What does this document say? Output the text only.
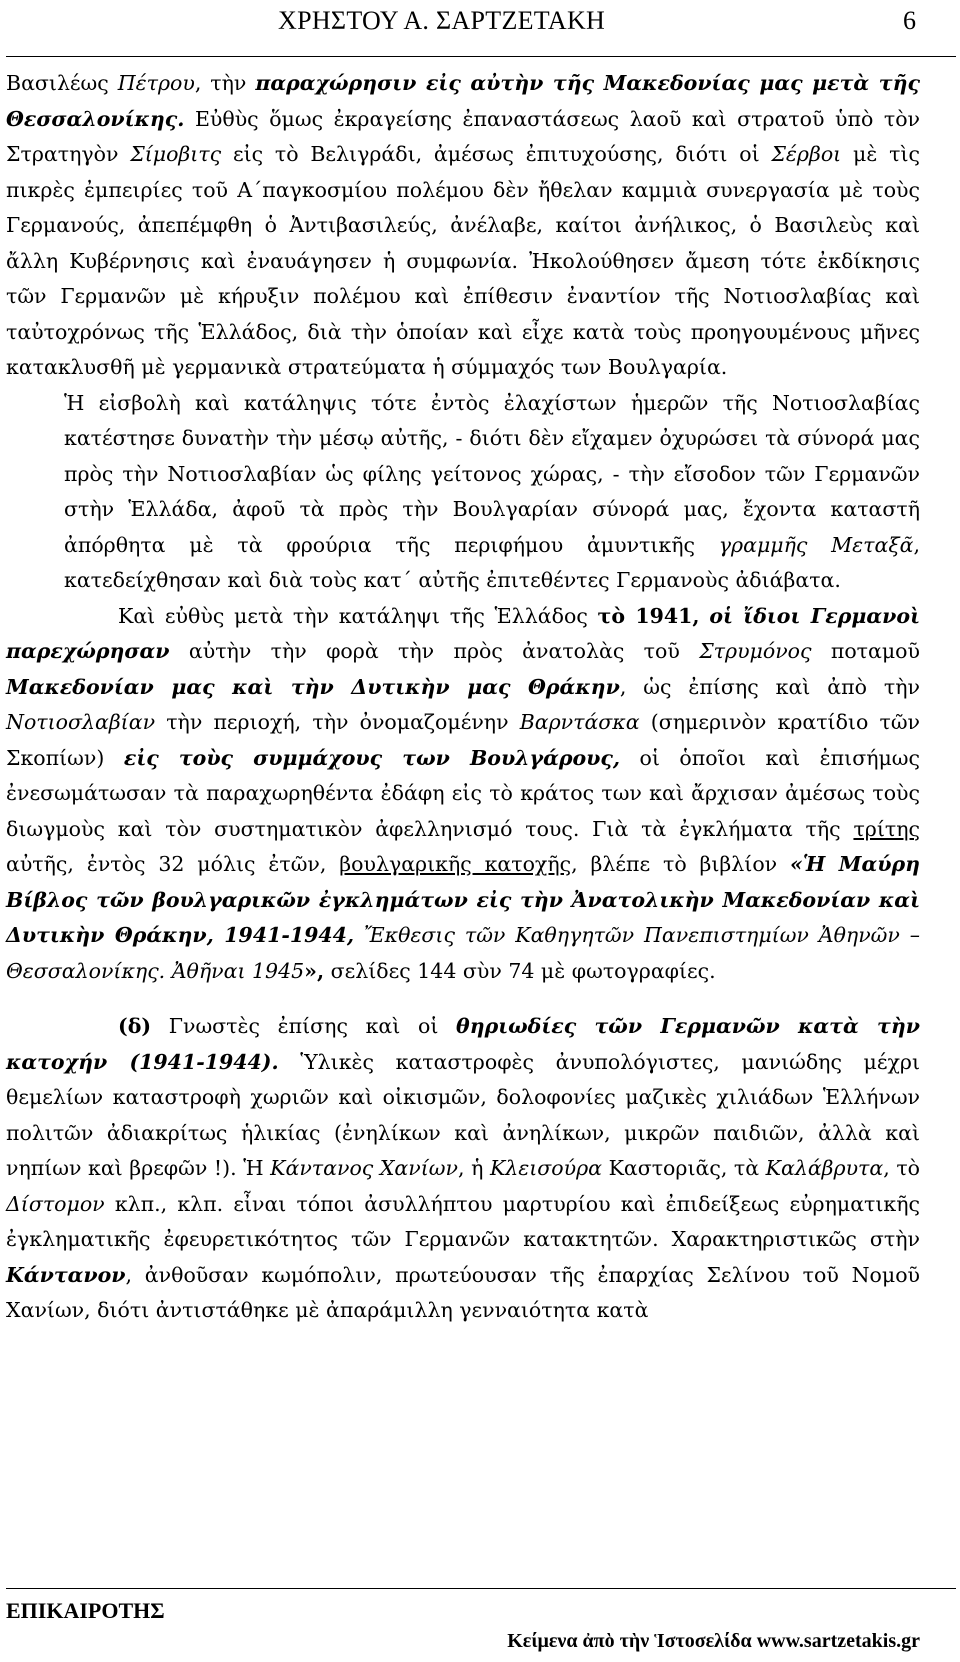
ΧΡΗΣΤΟΥ Α. ΣΑΡΤΖΕΤΑΚΗ	6

Βασιλέως Πέτρου, τὴν παραχώρησιν εἰς αὐτὴν τῆς Μακεδονίας μας μετὰ τῆς Θεσσαλονίκης. Εὐθὺς ὅμως ἐκραγείσης ἐπαναστάσεως λαοῦ καὶ στρατοῦ ὑπὸ τὸν Στρατηγὸν Σίμοβιτς εἰς τὸ Βελιγράδι, ἀμέσως ἐπιτυχούσης, διότι οἱ Σέρβοι μὲ τὶς πικρὲς ἐμπειρίες τοῦ Α΄παγκοσμίου πολέμου δὲν ἤθελαν καμμιὰ συνεργασία μὲ τοὺς Γερμανούς, ἀπεπέμφθη ὁ Ἀντιβασιλεύς, ἀνέλαβε, καίτοι ἀνήλικος, ὁ Βασιλεὺς καὶ ἄλλη Κυβέρνησις καὶ ἐναυάγησεν ἡ συμφωνία. Ἠκολούθησεν ἄμεση τότε ἐκδίκησις τῶν Γερμανῶν μὲ κήρυξιν πολέμου καὶ ἐπίθεσιν ἐναντίον τῆς Νοτιοσλαβίας καὶ ταὐτοχρόνως τῆς Ἑλλάδος, διὰ τὴν ὁποίαν καὶ εἶχε κατὰ τοὺς προηγουμένους μῆνες κατακλυσθῆ μὲ γερμανικὰ στρατεύματα ἡ σύμμαχός των Βουλγαρία.

Ἡ εἰσβολὴ καὶ κατάληψις τότε ἐντὸς ἐλαχίστων ἡμερῶν τῆς Νοτιοσλαβίας κατέστησε δυνατὴν τὴν μέσῳ αὐτῆς, - διότι δὲν εἴχαμεν ὀχυρώσει τὰ σύνορά μας πρὸς τὴν Νοτιοσλαβίαν ὡς φίλης γείτονος χώρας, - τὴν εἴσοδον τῶν Γερμανῶν στὴν Ἑλλάδα, ἀφοῦ τὰ πρὸς τὴν Βουλγαρίαν σύνορά μας, ἔχοντα καταστῆ ἀπόρθητα μὲ τὰ φρούρια τῆς περιφήμου ἀμυντικῆς γραμμῆς Μεταξᾶ, κατεδείχθησαν καὶ διὰ τοὺς κατ΄ αὐτῆς ἐπιτεθέντες Γερμανοὺς ἀδιάβατα.

Καὶ εὐθὺς μετὰ τὴν κατάληψι τῆς Ἑλλάδος τὸ 1941, οἱ ἴδιοι Γερμανοὶ παρεχώρησαν αὐτὴν τὴν φορὰ τὴν πρὸς ἀνατολὰς τοῦ Στρυμόνος ποταμοῦ Μακεδονίαν μας καὶ τὴν Δυτικὴν μας Θράκην, ὡς ἐπίσης καὶ ἀπὸ τὴν Νοτιοσλαβίαν τὴν περιοχή, τὴν ὀνομαζομένην Βαρντάσκα (σημερινὸν κρατίδιο τῶν Σκοπίων) εἰς τοὺς συμμάχους των Βουλγάρους, οἱ ὁποῖοι καὶ ἐπισήμως ἐνεσωμάτωσαν τὰ παραχωρηθέντα ἐδάφη εἰς τὸ κράτος των καὶ ἄρχισαν ἀμέσως τοὺς διωγμοὺς καὶ τὸν συστηματικὸν ἀφελληνισμό τους. Γιὰ τὰ ἐγκλήματα τῆς τρίτης αὐτῆς, ἐντὸς 32 μόλις ἐτῶν, βουλγαρικῆς κατοχῆς, βλέπε τὸ βιβλίον «Ἡ Μαύρη Βίβλος τῶν βουλγαρικῶν ἐγκλημάτων εἰς τὴν Ἀνατολικὴν Μακεδονίαν καὶ Δυτικὴν Θράκην, 1941-1944, Ἔκθεσις τῶν Καθηγητῶν Πανεπιστημίων Ἀθηνῶν – Θεσσαλονίκης. Ἀθῆναι 1945», σελίδες 144 σὺν 74 μὲ φωτογραφίες.

(δ) Γνωστὲς ἐπίσης καὶ οἱ θηριωδίες τῶν Γερμανῶν κατὰ τὴν κατοχήν (1941-1944). Ὑλικὲς καταστροφὲς ἀνυπολόγιστες, μανιώδης μέχρι θεμελίων καταστροφὴ χωριῶν καὶ οἰκισμῶν, δολοφονίες μαζικὲς χιλιάδων Ἑλλήνων πολιτῶν ἀδιακρίτως ἡλικίας (ἐνηλίκων καὶ ἀνηλίκων, μικρῶν παιδιῶν, ἀλλὰ καὶ νηπίων καὶ βρεφῶν !). Ἡ Κάντανος Χανίων, ἡ Κλεισούρα Καστοριᾶς, τὰ Καλάβρυτα, τὸ Δίστομον κλπ., κλπ. εἶναι τόποι ἀσυλλήπτου μαρτυρίου καὶ ἐπιδείξεως εὐρηματικῆς ἐγκληματικῆς ἐφευρετικότητος τῶν Γερμανῶν κατακτητῶν. Χαρακτηριστικῶς στὴν Κάντανον, ἀνθοῦσαν κωμόπολιν, πρωτεύουσαν τῆς ἐπαρχίας Σελίνου τοῦ Νομοῦ Χανίων, διότι ἀντιστάθηκε μὲ ἀπαράμιλλη γενναιότητα κατὰ

ΕΠΙΚΑΙΡΟΤΗΣ
Κείμενα ἀπὸ τὴν Ἱστοσελίδα www.sartzetakis.gr
